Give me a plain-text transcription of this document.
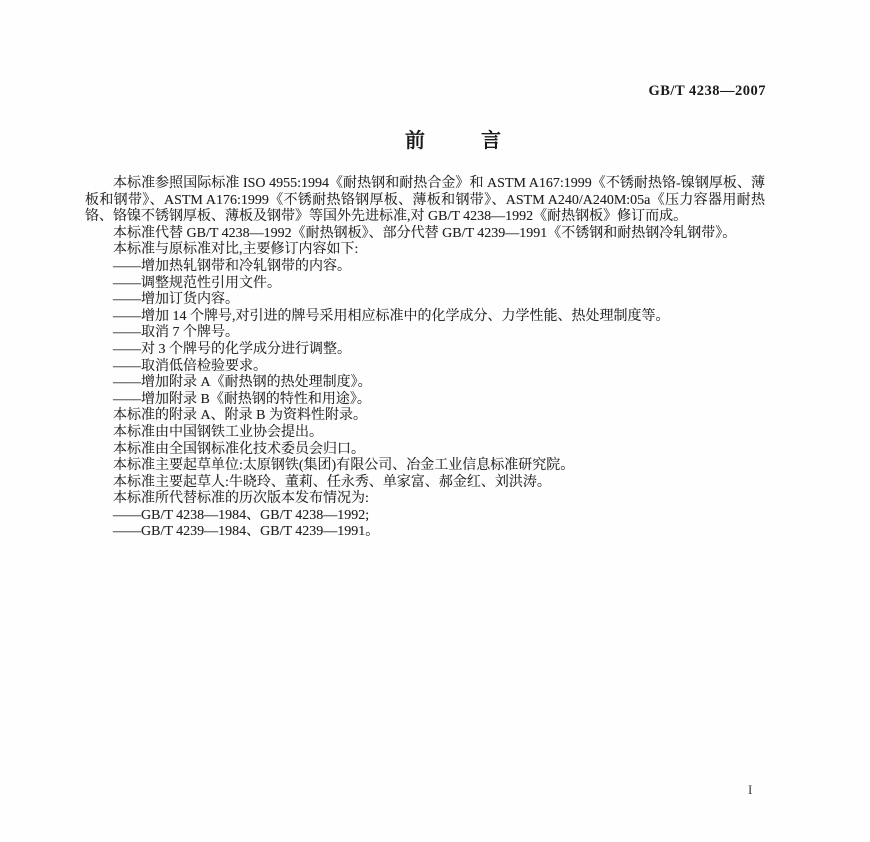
GB/T 4238—2007
前言

本标准参照国际标准 ISO 4955:1994《耐热钢和耐热合金》和 ASTM A167:1999《不锈耐热铬-镍钢厚板、薄板和钢带》、ASTM A176:1999《不锈耐热铬钢厚板、薄板和钢带》、ASTM A240/A240M:05a《压力容器用耐热铬、铬镍不锈钢厚板、薄板及钢带》等国外先进标准,对 GB/T 4238—1992《耐热钢板》修订而成。

本标准代替 GB/T 4238—1992《耐热钢板》、部分代替 GB/T 4239—1991《不锈钢和耐热钢冷轧钢带》。

本标准与原标准对比,主要修订内容如下:

——增加热轧钢带和冷轧钢带的内容。

——调整规范性引用文件。

——增加订货内容。

——增加 14 个牌号,对引进的牌号采用相应标准中的化学成分、力学性能、热处理制度等。

——取消 7 个牌号。

——对 3 个牌号的化学成分进行调整。

——取消低倍检验要求。

——增加附录 A《耐热钢的热处理制度》。

——增加附录 B《耐热钢的特性和用途》。

本标准的附录 A、附录 B 为资料性附录。

本标准由中国钢铁工业协会提出。

本标准由全国钢标准化技术委员会归口。

本标准主要起草单位:太原钢铁(集团)有限公司、冶金工业信息标准研究院。

本标准主要起草人:牛晓玲、董莉、任永秀、单家富、郝金红、刘洪涛。

本标准所代替标准的历次版本发布情况为:

——GB/T 4238—1984、GB/T 4238—1992;

——GB/T 4239—1984、GB/T 4239—1991。

I
